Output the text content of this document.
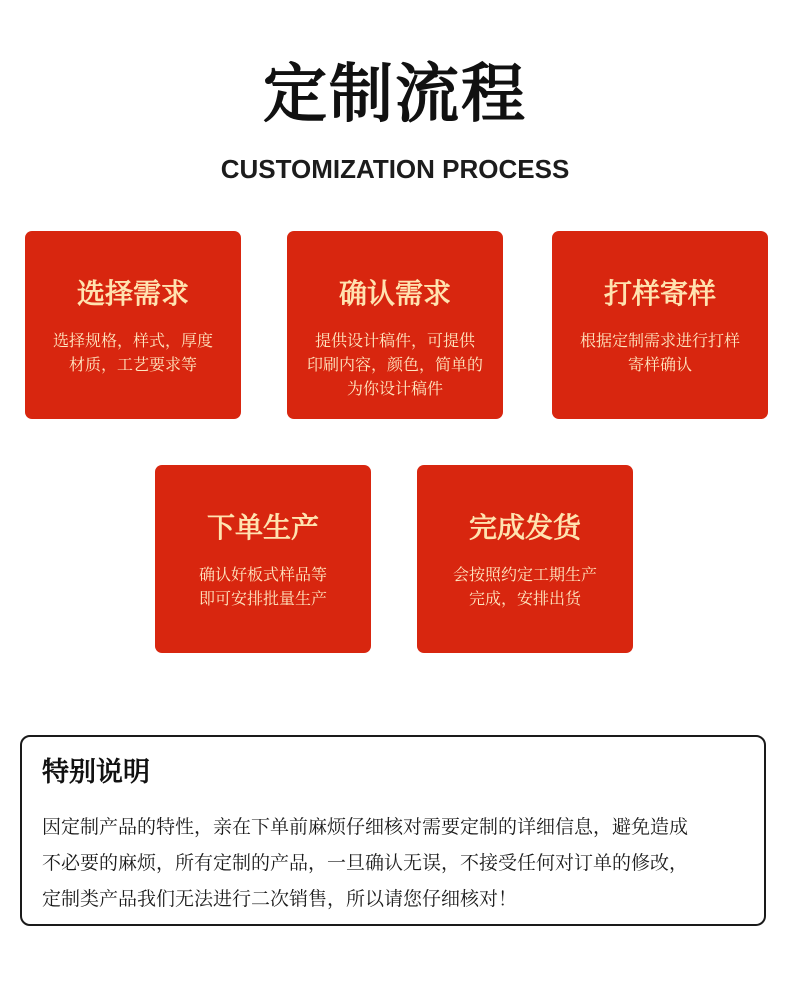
定制流程
CUSTOMIZATION PROCESS
选择需求
选择规格，样式，厚度
材质，工艺要求等
确认需求
提供设计稿件，可提供
印刷内容，颜色，简单的
为你设计稿件
打样寄样
根据定制需求进行打样
寄样确认
下单生产
确认好板式样品等
即可安排批量生产
完成发货
会按照约定工期生产
完成，安排出货
特别说明
因定制产品的特性，亲在下单前麻烦仔细核对需要定制的详细信息，避免造成
不必要的麻烦，所有定制的产品，一旦确认无误，不接受任何对订单的修改，
定制类产品我们无法进行二次销售，所以请您仔细核对！
